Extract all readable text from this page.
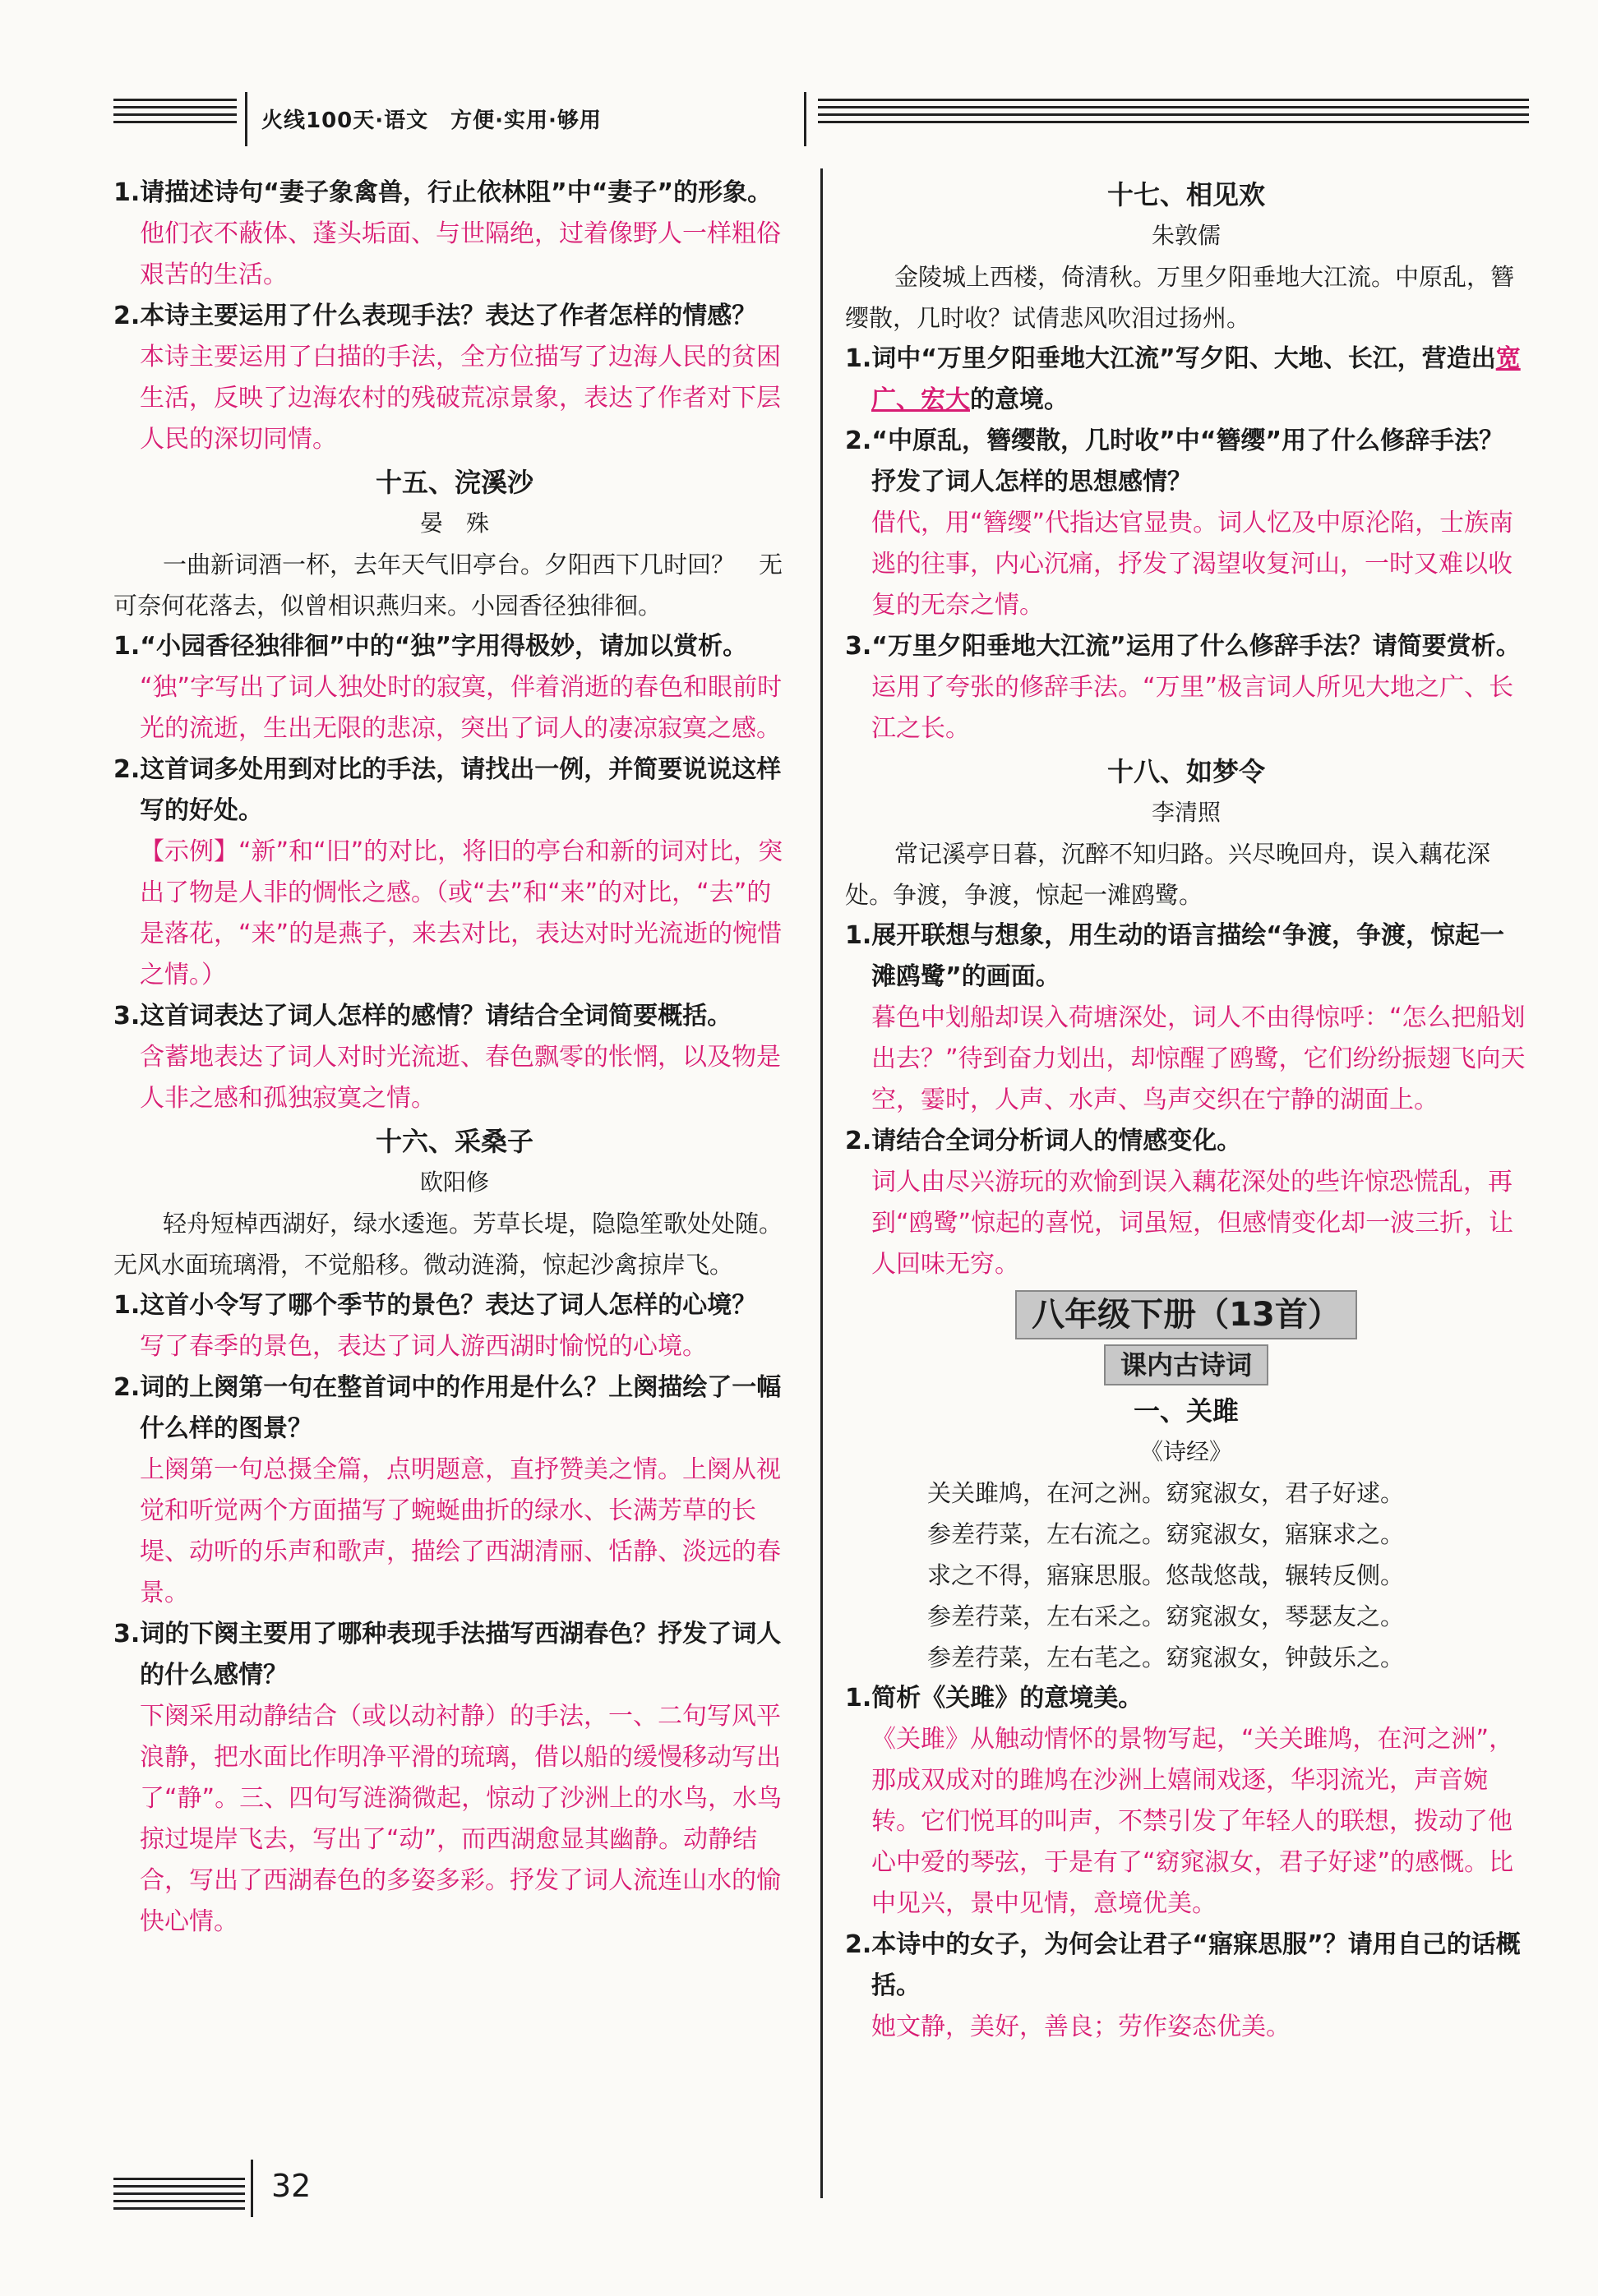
火线100天·语文　方便·实用·够用

1.请描述诗句“妻子象禽兽，行止依林阻”中“妻子”的形象。

他们衣不蔽体、蓬头垢面、与世隔绝，过着像野人一样粗俗艰苦的生活。

2.本诗主要运用了什么表现手法？表达了作者怎样的情感？

本诗主要运用了白描的手法，全方位描写了边海人民的贫困生活，反映了边海农村的残破荒凉景象，表达了作者对下层人民的深切同情。

十五、浣溪沙

晏　殊

一曲新词酒一杯，去年天气旧亭台。夕阳西下几时回？　无可奈何花落去，似曾相识燕归来。小园香径独徘徊。

1.“小园香径独徘徊”中的“独”字用得极妙，请加以赏析。

“独”字写出了词人独处时的寂寞，伴着消逝的春色和眼前时光的流逝，生出无限的悲凉，突出了词人的凄凉寂寞之感。

2.这首词多处用到对比的手法，请找出一例，并简要说说这样写的好处。

【示例】“新”和“旧”的对比，将旧的亭台和新的词对比，突出了物是人非的惆怅之感。（或“去”和“来”的对比，“去”的是落花，“来”的是燕子，来去对比，表达对时光流逝的惋惜之情。）

3.这首词表达了词人怎样的感情？请结合全词简要概括。

含蓄地表达了词人对时光流逝、春色飘零的怅惘，以及物是人非之感和孤独寂寞之情。

十六、采桑子

欧阳修

轻舟短棹西湖好，绿水逶迤。芳草长堤，隐隐笙歌处处随。　无风水面琉璃滑，不觉船移。微动涟漪，惊起沙禽掠岸飞。

1.这首小令写了哪个季节的景色？表达了词人怎样的心境？

写了春季的景色，表达了词人游西湖时愉悦的心境。

2.词的上阕第一句在整首词中的作用是什么？上阕描绘了一幅什么样的图景？

上阕第一句总摄全篇，点明题意，直抒赞美之情。上阕从视觉和听觉两个方面描写了蜿蜒曲折的绿水、长满芳草的长堤、动听的乐声和歌声，描绘了西湖清丽、恬静、淡远的春景。

3.词的下阕主要用了哪种表现手法描写西湖春色？抒发了词人的什么感情？

下阕采用动静结合（或以动衬静）的手法，一、二句写风平浪静，把水面比作明净平滑的琉璃，借以船的缓慢移动写出了“静”。三、四句写涟漪微起，惊动了沙洲上的水鸟，水鸟掠过堤岸飞去，写出了“动”，而西湖愈显其幽静。动静结合，写出了西湖春色的多姿多彩。抒发了词人流连山水的愉快心情。

十七、相见欢

朱敦儒

金陵城上西楼，倚清秋。万里夕阳垂地大江流。中原乱，簪缨散，几时收？试倩悲风吹泪过扬州。

1.词中“万里夕阳垂地大江流”写夕阳、大地、长江，营造出宽广、宏大的意境。

2.“中原乱，簪缨散，几时收”中“簪缨”用了什么修辞手法？抒发了词人怎样的思想感情？

借代，用“簪缨”代指达官显贵。词人忆及中原沦陷，士族南逃的往事，内心沉痛，抒发了渴望收复河山，一时又难以收复的无奈之情。

3.“万里夕阳垂地大江流”运用了什么修辞手法？请简要赏析。

运用了夸张的修辞手法。“万里”极言词人所见大地之广、长江之长。

十八、如梦令

李清照

常记溪亭日暮，沉醉不知归路。兴尽晚回舟，误入藕花深处。争渡，争渡，惊起一滩鸥鹭。

1.展开联想与想象，用生动的语言描绘“争渡，争渡，惊起一滩鸥鹭”的画面。

暮色中划船却误入荷塘深处，词人不由得惊呼：“怎么把船划出去？”待到奋力划出，却惊醒了鸥鹭，它们纷纷振翅飞向天空，霎时，人声、水声、鸟声交织在宁静的湖面上。

2.请结合全词分析词人的情感变化。

词人由尽兴游玩的欢愉到误入藕花深处的些许惊恐慌乱，再到“鸥鹭”惊起的喜悦，词虽短，但感情变化却一波三折，让人回味无穷。

八年级下册（13首）

课内古诗词

一、关雎

《诗经》

关关雎鸠，在河之洲。窈窕淑女，君子好逑。

参差荇菜，左右流之。窈窕淑女，寤寐求之。

求之不得，寤寐思服。悠哉悠哉，辗转反侧。

参差荇菜，左右采之。窈窕淑女，琴瑟友之。

参差荇菜，左右芼之。窈窕淑女，钟鼓乐之。

1.简析《关雎》的意境美。

《关雎》从触动情怀的景物写起，“关关雎鸠，在河之洲”，那成双成对的雎鸠在沙洲上嬉闹戏逐，华羽流光，声音婉转。它们悦耳的叫声，不禁引发了年轻人的联想，拨动了他心中爱的琴弦，于是有了“窈窕淑女，君子好逑”的感慨。比中见兴，景中见情，意境优美。

2.本诗中的女子，为何会让君子“寤寐思服”？请用自己的话概括。

她文静，美好，善良；劳作姿态优美。

32
